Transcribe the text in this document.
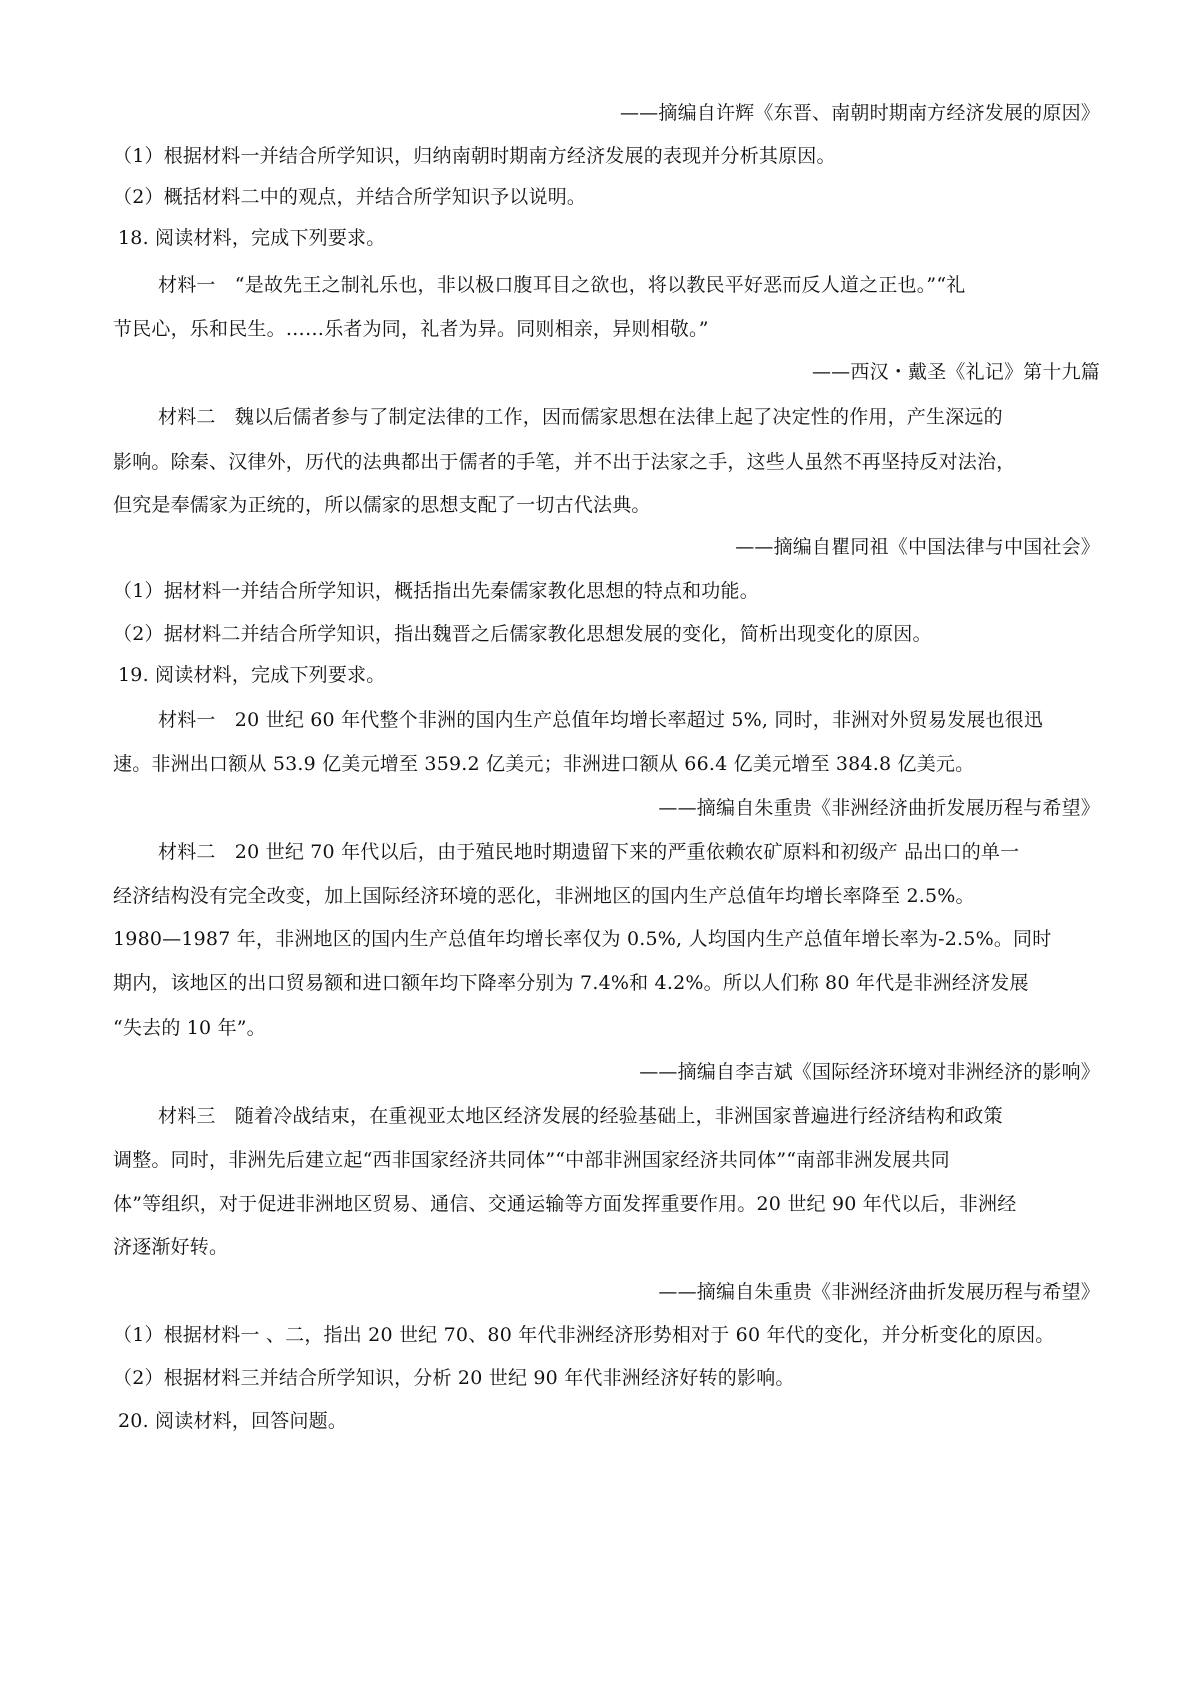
——摘编自许辉《东晋、南朝时期南方经济发展的原因》
（1）根据材料一并结合所学知识，归纳南朝时期南方经济发展的表现并分析其原因。
（2）概括材料二中的观点，并结合所学知识予以说明。
18. 阅读材料，完成下列要求。
材料一　“是故先王之制礼乐也，非以极口腹耳目之欲也，将以教民平好恶而反人道之正也。”“礼
节民心，乐和民生。……乐者为同，礼者为异。同则相亲，异则相敬。”
——西汉・戴圣《礼记》第十九篇
材料二　魏以后儒者参与了制定法律的工作，因而儒家思想在法律上起了决定性的作用，产生深远的
影响。除秦、汉律外，历代的法典都出于儒者的手笔，并不出于法家之手，这些人虽然不再坚持反对法治，
但究是奉儒家为正统的，所以儒家的思想支配了一切古代法典。
——摘编自瞿同祖《中国法律与中国社会》
（1）据材料一并结合所学知识，概括指出先秦儒家教化思想的特点和功能。
（2）据材料二并结合所学知识，指出魏晋之后儒家教化思想发展的变化，简析出现变化的原因。
19. 阅读材料，完成下列要求。
材料一　20 世纪 60 年代整个非洲的国内生产总值年均增长率超过 5%, 同时，非洲对外贸易发展也很迅
速。非洲出口额从 53.9 亿美元增至 359.2 亿美元；非洲进口额从 66.4 亿美元增至 384.8 亿美元。
——摘编自朱重贵《非洲经济曲折发展历程与希望》
材料二　20 世纪 70 年代以后，由于殖民地时期遗留下来的严重依赖农矿原料和初级产 品出口的单一
经济结构没有完全改变，加上国际经济环境的恶化，非洲地区的国内生产总值年均增长率降至 2.5%。
1980—1987 年，非洲地区的国内生产总值年均增长率仅为 0.5%, 人均国内生产总值年增长率为-2.5%。同时
期内，该地区的出口贸易额和进口额年均下降率分别为 7.4%和 4.2%。所以人们称 80 年代是非洲经济发展
“失去的 10 年”。
——摘编自李吉斌《国际经济环境对非洲经济的影响》
材料三　随着冷战结束，在重视亚太地区经济发展的经验基础上，非洲国家普遍进行经济结构和政策
调整。同时，非洲先后建立起“西非国家经济共同体”“中部非洲国家经济共同体”“南部非洲发展共同
体”等组织，对于促进非洲地区贸易、通信、交通运输等方面发挥重要作用。20 世纪 90 年代以后，非洲经
济逐渐好转。
——摘编自朱重贵《非洲经济曲折发展历程与希望》
（1）根据材料一 、二，指出 20 世纪 70、80 年代非洲经济形势相对于 60 年代的变化，并分析变化的原因。
（2）根据材料三并结合所学知识，分析 20 世纪 90 年代非洲经济好转的影响。
20. 阅读材料，回答问题。
